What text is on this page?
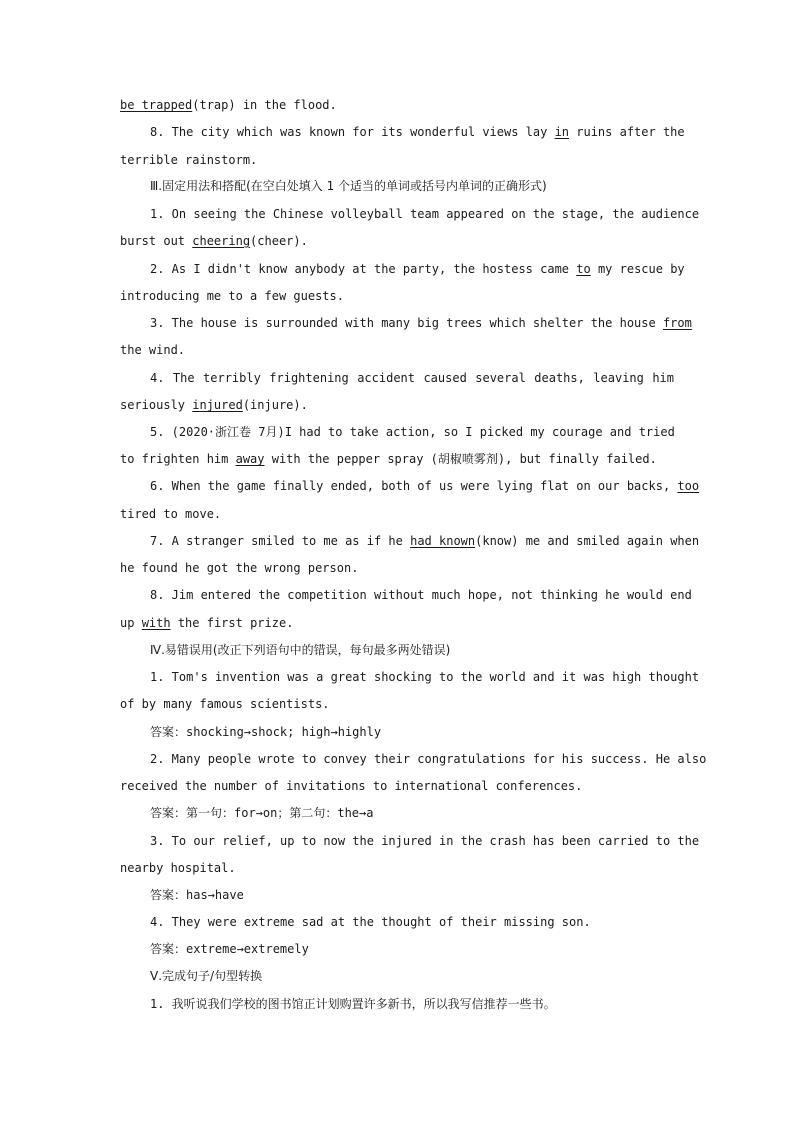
be_trapped(trap) in the flood.
8. The city which was known for its wonderful views lay in ruins after the
terrible rainstorm.
Ⅲ.固定用法和搭配(在空白处填入 1 个适当的单词或括号内单词的正确形式)
1. On seeing the Chinese volleyball team appeared on the stage, the audience
burst out cheering(cheer).
2. As I didn't know anybody at the party, the hostess came to my rescue by
introducing me to a few guests.
3. The house is surrounded with many big trees which shelter the house from
the wind.
4. The terribly frightening accident caused several deaths, leaving him
seriously injured(injure).
5. (2020·浙江卷 7月)I had to take action, so I picked my courage and tried
to frighten him away with the pepper spray (胡椒喷雾剂), but finally failed.
6. When the game finally ended, both of us were lying flat on our backs, too
tired to move.
7. A stranger smiled to me as if he had known(know) me and smiled again when
he found he got the wrong person.
8. Jim entered the competition without much hope, not thinking he would end
up with the first prize.
Ⅳ.易错误用(改正下列语句中的错误，每句最多两处错误)
1. Tom's invention was a great shocking to the world and it was high thought
of by many famous scientists.
答案：shocking→shock; high→highly
2. Many people wrote to convey their congratulations for his success. He also
received the number of invitations to international conferences.
答案：第一句：for→on；第二句：the→a
3. To our relief, up to now the injured in the crash has been carried to the
nearby hospital.
答案：has→have
4. They were extreme sad at the thought of their missing son.
答案：extreme→extremely
Ⅴ.完成句子/句型转换
1. 我听说我们学校的图书馆正计划购置许多新书，所以我写信推荐一些书。
